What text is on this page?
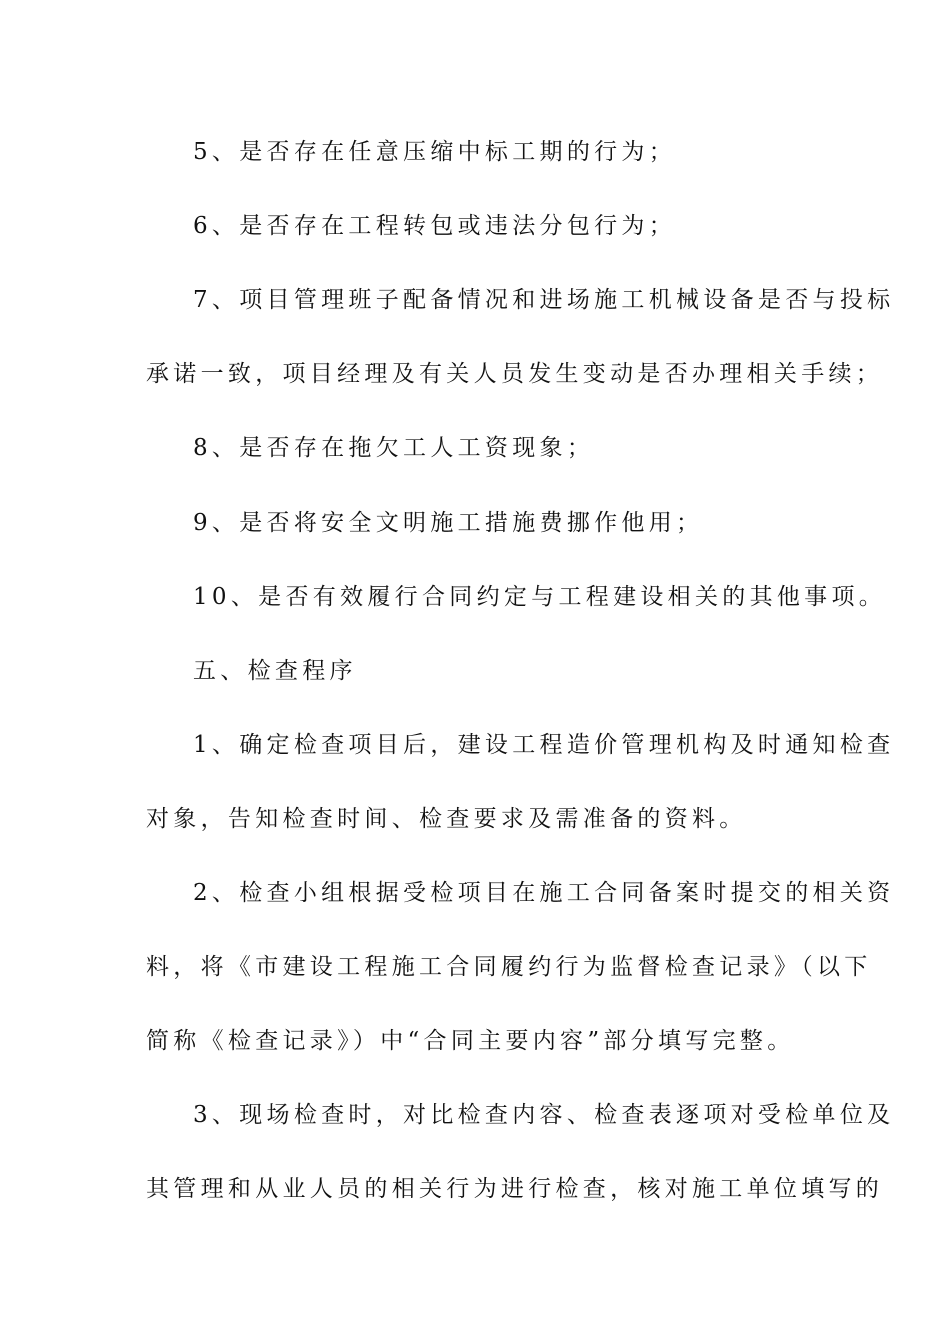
5、是否存在任意压缩中标工期的行为；
6、是否存在工程转包或违法分包行为；
7、项目管理班子配备情况和进场施工机械设备是否与投标
承诺一致，项目经理及有关人员发生变动是否办理相关手续；
8、是否存在拖欠工人工资现象；
9、是否将安全文明施工措施费挪作他用；
10、是否有效履行合同约定与工程建设相关的其他事项。
五、检查程序
1、确定检查项目后，建设工程造价管理机构及时通知检查
对象，告知检查时间、检查要求及需准备的资料。
2、检查小组根据受检项目在施工合同备案时提交的相关资
料，将《市建设工程施工合同履约行为监督检查记录》（以下
简称《检查记录》）中“合同主要内容”部分填写完整。
3、现场检查时，对比检查内容、检查表逐项对受检单位及
其管理和从业人员的相关行为进行检查，核对施工单位填写的
